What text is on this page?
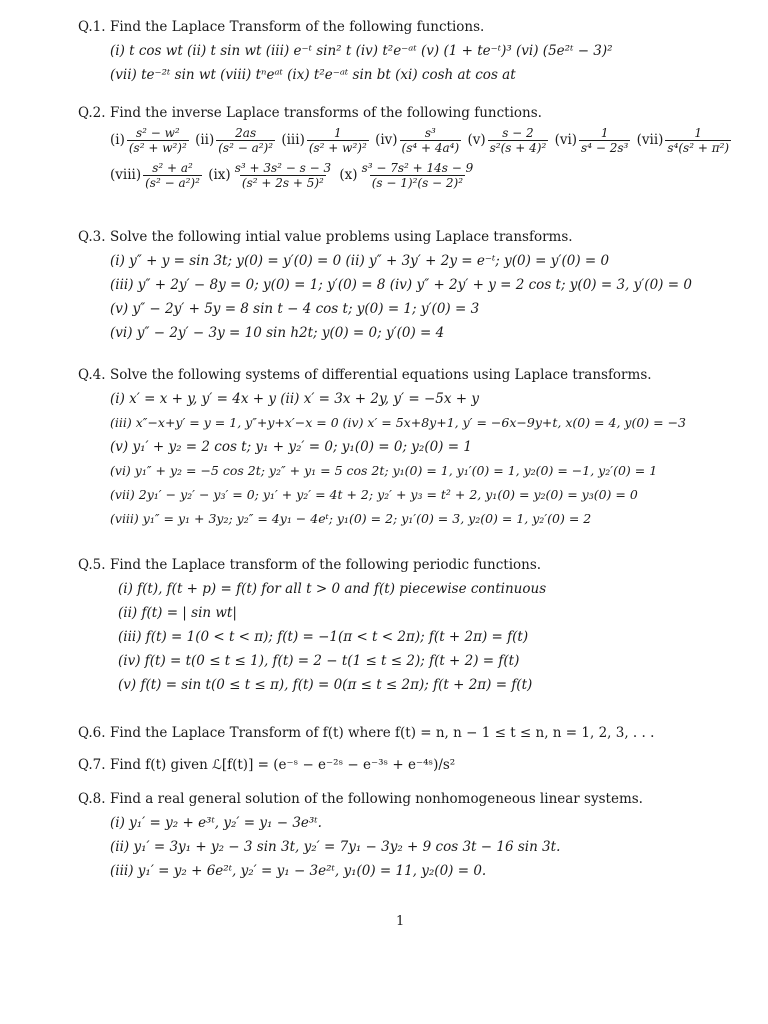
Q.1. Find the Laplace Transform of the following functions.
(i) t cos wt (ii) t sin wt (iii) e⁻ᵗ sin² t (iv) t²e⁻ᵃᵗ (v) (1 + te⁻ᵗ)³ (vi) (5e²ᵗ − 3)²
(vii) te⁻²ᵗ sin wt (viii) tⁿeᵃᵗ (ix) t²e⁻ᵃᵗ sin bt (xi) cosh at cos at
Q.2. Find the inverse Laplace transforms of the following functions.
$(i) \frac{\text{s² − w²}}{\text{(s² + w²)²}} (ii) \frac{2as}{\text{(s² − a²)²}} (iii) \frac{1}{\text{(s² + w²)²}} (iv) \frac{\text{s³}}{\text{(s⁴ + 4a⁴)}} (v) \frac{s - 2}{\text{s²(s + 4)²}} (vi) \frac{1}{\text{s⁴ − 2s³}} (vii) \frac{1}{\text{s⁴(s² + π²)}}$
(viii) $\frac{\text{s² + a²}}{\text{(s² − a²)²}} (ix) \frac{\text{s³ + 3s² − s − 3}}{\text{(s² + 2s + 5)²}} (x) \frac{\text{s³ − 7s² + 14s − 9}}{\text{(s − 1)²(s − 2)²}}$
Q.3. Solve the following intial value problems using Laplace transforms.
(i) y″ + y = sin 3t; y(0) = y′(0) = 0 (ii) y″ + 3y′ + 2y = e⁻ᵗ; y(0) = y′(0) = 0
(iii) y″ + 2y′ − 8y = 0; y(0) = 1; y′(0) = 8 (iv) y″ + 2y′ + y = 2 cos t; y(0) = 3, y′(0) = 0
(v) y″ − 2y′ + 5y = 8 sin t − 4 cos t; y(0) = 1; y′(0) = 3
(vi) y″ − 2y′ − 3y = 10 sin h2t; y(0) = 0; y′(0) = 4
Q.4. Solve the following systems of differential equations using Laplace transforms.
(i) x′ = x + y, y′ = 4x + y (ii) x′ = 3x + 2y, y′ = −5x + y
(iii) x″−x+y′ = y = 1, y″+y+x′−x = 0 (iv) x′ = 5x+8y+1, y′ = −6x−9y+t, x(0) = 4, y(0) = −3
(v) y₁′ + y₂ = 2 cos t; y₁ + y₂′ = 0; y₁(0) = 0; y₂(0) = 1
(vi) y₁″ + y₂ = −5 cos 2t; y₂″ + y₁ = 5 cos 2t; y₁(0) = 1, y₁′(0) = 1, y₂(0) = −1, y₂′(0) = 1
(vii) 2y₁′ − y₂′ − y₃′ = 0; y₁′ + y₂′ = 4t + 2; y₂′ + y₃ = t² + 2, y₁(0) = y₂(0) = y₃(0) = 0
(viii) y₁″ = y₁ + 3y₂; y₂″ = 4y₁ − 4eᵗ; y₁(0) = 2; y₁′(0) = 3, y₂(0) = 1, y₂′(0) = 2
Q.5. Find the Laplace transform of the following periodic functions.
(i) f(t), f(t + p) = f(t) for all t > 0 and f(t) piecewise continuous
(ii) f(t) = | sin wt|
(iii) f(t) = 1(0 < t < π); f(t) = −1(π < t < 2π); f(t + 2π) = f(t)
(iv) f(t) = t(0 ≤ t ≤ 1), f(t) = 2 − t(1 ≤ t ≤ 2); f(t + 2) = f(t)
(v) f(t) = sin t(0 ≤ t ≤ π), f(t) = 0(π ≤ t ≤ 2π); f(t + 2π) = f(t)
Q.6. Find the Laplace Transform of f(t) where f(t) = n, n − 1 ≤ t ≤ n, n = 1, 2, 3, . . .
Q.7. Find f(t) given ℒ[f(t)] = (e⁻ˢ − e⁻²ˢ − e⁻³ˢ + e⁻⁴ˢ)/s²
Q.8. Find a real general solution of the following nonhomogeneous linear systems.
(i) y₁′ = y₂ + e³ᵗ, y₂′ = y₁ − 3e³ᵗ.
(ii) y₁′ = 3y₁ + y₂ − 3 sin 3t, y₂′ = 7y₁ − 3y₂ + 9 cos 3t − 16 sin 3t.
(iii) y₁′ = y₂ + 6e²ᵗ, y₂′ = y₁ − 3e²ᵗ, y₁(0) = 11, y₂(0) = 0.
1
